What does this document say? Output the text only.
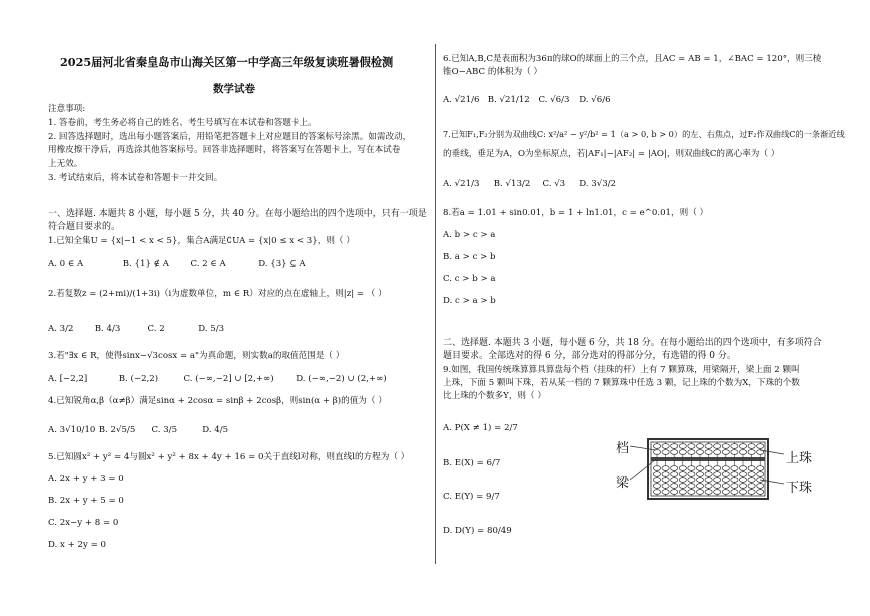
2025届河北省秦皇岛市山海关区第一中学高三年级复读班暑假检测
数学试卷
注意事项:
1. 答卷前，考生务必将自己的姓名、考生号填写在本试卷和答题卡上。
2. 回答选择题时，选出每小题答案后，用铅笔把答题卡上对应题目的答案标号涂黑。如需改动，
用橡皮擦干净后，再选涂其他答案标号。回答非选择题时，将答案写在答题卡上，写在本试卷
上无效。
3. 考试结束后，将本试卷和答题卡一并交回。
一、选择题. 本题共 8 小题，每小题 5 分，共 40 分。在每小题给出的四个选项中，只有一项是
符合题目要求的。
1.已知全集U = {x|−1 < x < 5}，集合A满足∁UA = {x|0 ≤ x < 3}，则（ ）
A. 0 ∈ A	B. {1} ∉ A	C. 2 ∈ A	D. {3} ⊆ A
2.若复数z = (2+mi)/(1+3i)（i为虚数单位，m ∈ R）对应的点在虚轴上，则|z| = （ ）
A. 3/2 B. 4/3	C. 2	D. 5/3
3.若"∃x ∈ R，使得sinx−√3cosx = a"为真命题，则实数a的取值范围是（ ）
A. [−2,2]	B. (−2,2)	C. (−∞,−2] ∪ [2,+∞)	D. (−∞,−2) ∪ (2,+∞)
4.已知锐角α,β（α≠β）满足sinα + 2cosα = sinβ + 2cosβ，则sin(α + β)的值为（ ）
A. 3√10/10 B. 2√5/5 C. 3/5	D. 4/5
5.已知圆x² + y² = 4与圆x² + y² + 8x + 4y + 16 = 0关于直线l对称，则直线l的方程为（ ）
A. 2x + y + 3 = 0
B. 2x + y + 5 = 0
C. 2x−y + 8 = 0
D. x + 2y = 0
6.已知A,B,C是表面积为36π的球O的球面上的三个点，且AC = AB = 1，∠BAC = 120°，则三棱
锥O−ABC 的体积为（ ）
A. √21/6 B. √21/12 C. √6/3 D. √6/6
7.已知F₁,F₂分别为双曲线C: x²/a² − y²/b² = 1（a > 0, b > 0）的左、右焦点，过F₂作双曲线C的一条渐近线
的垂线，垂足为A，O为坐标原点，若|AF₁|−|AF₂| = |AO|，则双曲线C的离心率为（ ）
A. √21/3 B. √13/2 C. √3 D. 3√3/2
8.若a = 1.01 + sin0.01，b = 1 + ln1.01，c = e^0.01，则（ ）
A. b > c > a
B. a > c > b
C. c > b > a
D. c > a > b
二、选择题. 本题共 3 小题，每小题 6 分，共 18 分。在每小题给出的四个选项中，有多项符合
题目要求。全部选对的得 6 分，部分选对的得部分分，有选错的得 0 分。
9.如图，我国传统珠算算具算盘每个档（挂珠的杆）上有 7 颗算珠，用梁隔开，梁上面 2 颗叫
上珠，下面 5 颗叫下珠，若从某一档的 7 颗算珠中任选 3 颗，记上珠的个数为X，下珠的个数
比上珠的个数多Y，则（ ）
A. P(X ≠ 1) = 2/7
B. E(X) = 6/7
C. E(Y) = 9/7
D. D(Y) = 80/49
档
梁
上珠
下珠
